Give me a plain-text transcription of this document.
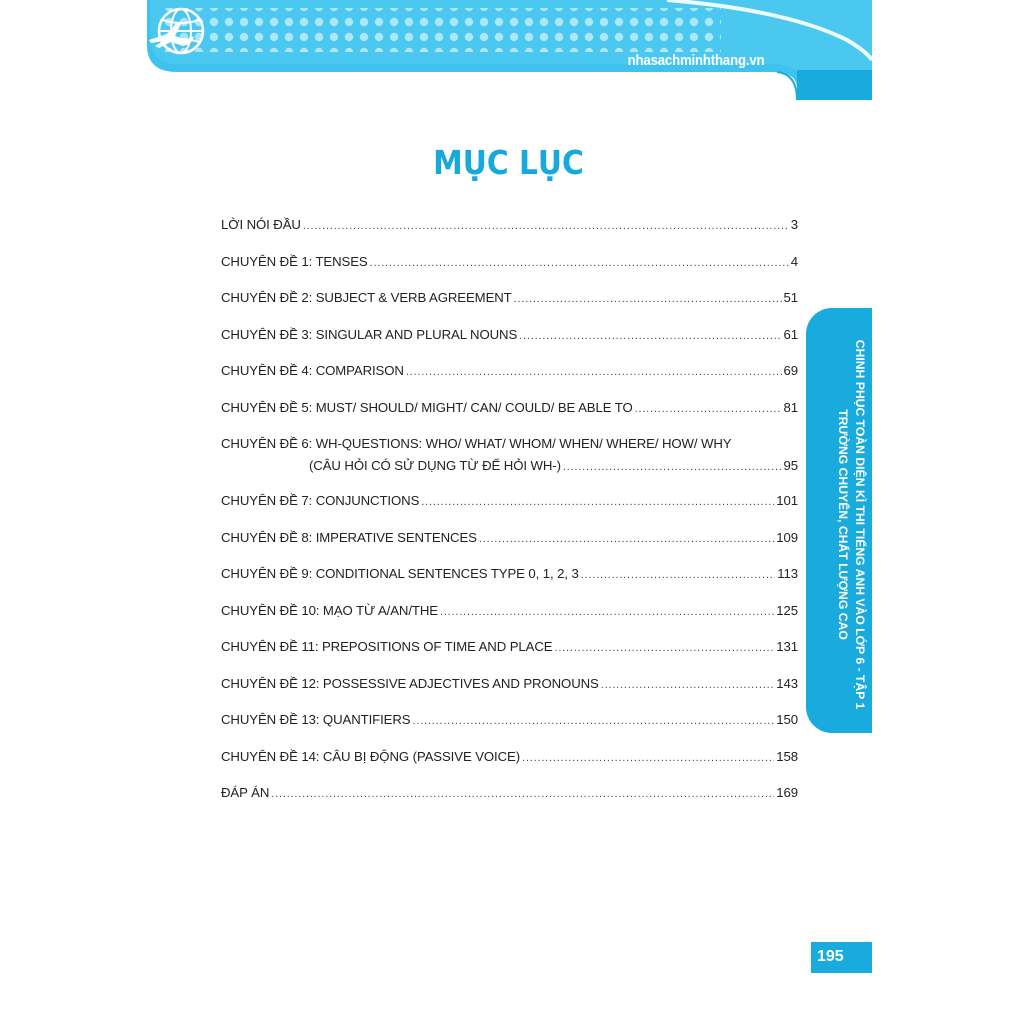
nhasachminhthang.vn
MỤC LỤC
LỜI NÓI ĐẦU .....	3
CHUYÊN ĐỀ 1: TENSES .....	4
CHUYÊN ĐỀ 2: SUBJECT & VERB AGREEMENT .....	51
CHUYÊN ĐỀ 3: SINGULAR AND PLURAL NOUNS .....	61
CHUYÊN ĐỀ 4: COMPARISON .....	69
CHUYÊN ĐỀ 5: MUST/ SHOULD/ MIGHT/ CAN/ COULD/ BE ABLE TO .....	81
CHUYÊN ĐỀ 6: WH-QUESTIONS: WHO/ WHAT/ WHOM/ WHEN/ WHERE/ HOW/ WHY
(CÂU HỎI CÓ SỬ DỤNG TỪ ĐỂ HỎI WH-) .....	95
CHUYÊN ĐỀ 7: CONJUNCTIONS .....	101
CHUYÊN ĐỀ 8: IMPERATIVE SENTENCES .....	109
CHUYÊN ĐỀ 9: CONDITIONAL SENTENCES TYPE 0, 1, 2, 3 .....	113
CHUYÊN ĐỀ 10: MẠO TỪ A/AN/THE .....	125
CHUYÊN ĐỀ 11: PREPOSITIONS OF TIME AND PLACE .....	131
CHUYÊN ĐỀ 12: POSSESSIVE ADJECTIVES AND PRONOUNS .....	143
CHUYÊN ĐỀ 13: QUANTIFIERS .....	150
CHUYÊN ĐỀ 14: CÂU BỊ ĐỘNG (PASSIVE VOICE) .....	158
ĐÁP ÁN .....	169
CHINH PHỤC TOÀN DIỆN KÌ THI TIẾNG ANH VÀO LỚP 6 - TẬP 1
TRƯỜNG CHUYÊN, CHẤT LƯỢNG CAO
195
